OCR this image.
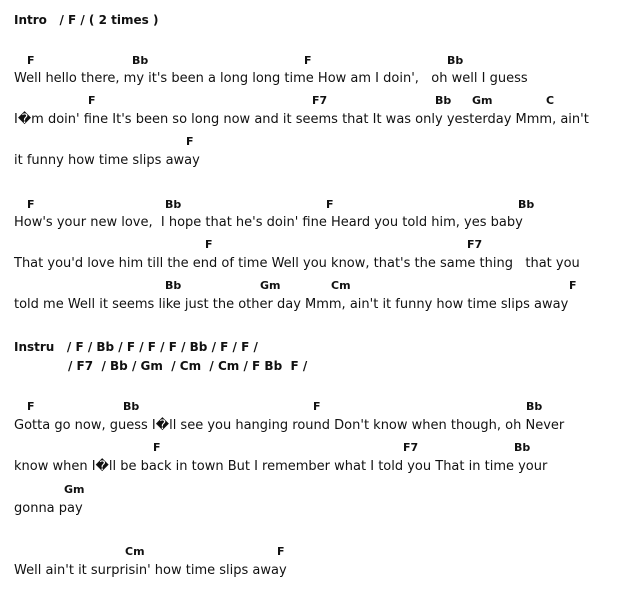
Intro   / F / ( 2 times )
F	Bb	F	Bb
Well hello there, my it's been a long long time How am I doin',   oh well I guess
F	F7	Bb Gm	C
I�m doin' fine It's been so long now and it seems that It was only yesterday Mmm, ain't
F
it funny how time slips away
F	Bb	F	Bb
How's your new love,  I hope that he's doin' fine Heard you told him, yes baby
F	F7
That you'd love him till the end of time Well you know, that's the same thing   that you
Bb	Gm	Cm	F
told me Well it seems like just the other day Mmm, ain't it funny how time slips away
Instru   / F / Bb / F / F / F / Bb / F / F /
/ F7  / Bb / Gm  / Cm  / Cm / F Bb  F /
F	Bb	F	Bb
Gotta go now, guess I�ll see you hanging round Don't know when though, oh Never
F	F7	Bb
know when I�ll be back in town But I remember what I told you That in time your
Gm
gonna pay
Cm	F
Well ain't it surprisin' how time slips away
